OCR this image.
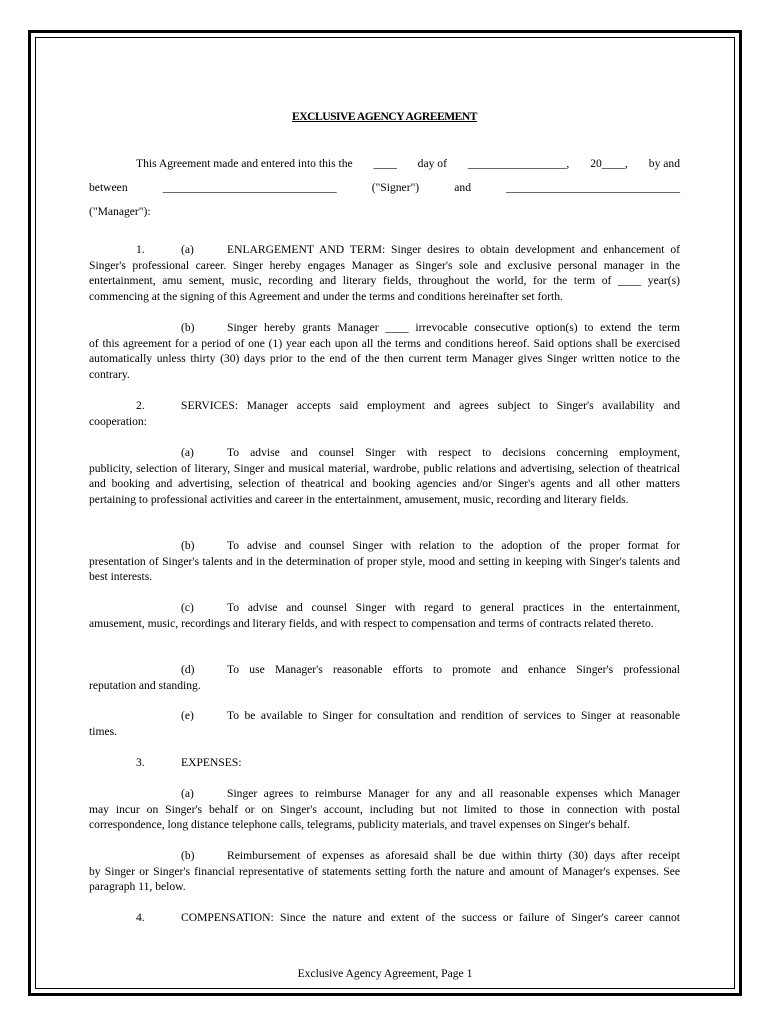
EXCLUSIVE AGENCY AGREEMENT
This Agreement made and entered into this the ____ day of _________________, 20____, by and
between	______________________________	("Signer")	and	______________________________
("Manager"):
1.	(a)	ENLARGEMENT AND TERM: Singer desires to obtain development and enhancement of
Singer's professional career. Singer hereby engages Manager as Singer's sole and exclusive personal manager in the entertainment, amu sement, music, recording and literary fields, throughout the world, for the term of ____ year(s) commencing at the signing of this Agreement and under the terms and conditions hereinafter set forth.
(b)	Singer hereby grants Manager ____ irrevocable consecutive option(s) to extend the term
of this agreement for a period of one (1) year each upon all the terms and conditions hereof. Said options shall be exercised automatically unless thirty (30) days prior to the end of the then current term Manager gives Singer written notice to the contrary.
2.	SERVICES: Manager accepts said employment and agrees subject to Singer's availability and
cooperation:
(a)	To advise and counsel Singer with respect to decisions concerning employment,
publicity, selection of literary, Singer and musical material, wardrobe, public relations and advertising, selection of theatrical and booking and advertising, selection of theatrical and booking agencies and/or Singer's agents and all other matters pertaining to professional activities and career in the entertainment, amusement, music, recording and literary fields.
(b)	To advise and counsel Singer with relation to the adoption of the proper format for
presentation of Singer's talents and in the determination of proper style, mood and setting in keeping with Singer's talents and best interests.
(c)	To advise and counsel Singer with regard to general practices in the entertainment,
amusement, music, recordings and literary fields, and with respect to compensation and terms of contracts related thereto.
(d)	To use Manager's reasonable efforts to promote and enhance Singer's professional
reputation and standing.
(e)	To be available to Singer for consultation and rendition of services to Singer at reasonable
times.
3.	EXPENSES:
(a)	Singer agrees to reimburse Manager for any and all reasonable expenses which Manager
may incur on Singer's behalf or on Singer's account, including but not limited to those in connection with postal correspondence, long distance telephone calls, telegrams, publicity materials, and travel expenses on Singer's behalf.
(b)	Reimbursement of expenses as aforesaid shall be due within thirty (30) days after receipt
by Singer or Singer's financial representative of statements setting forth the nature and amount of Manager's expenses. See paragraph 11, below.
4.	COMPENSATION: Since the nature and extent of the success or failure of Singer's career cannot
Exclusive Agency Agreement, Page 1
